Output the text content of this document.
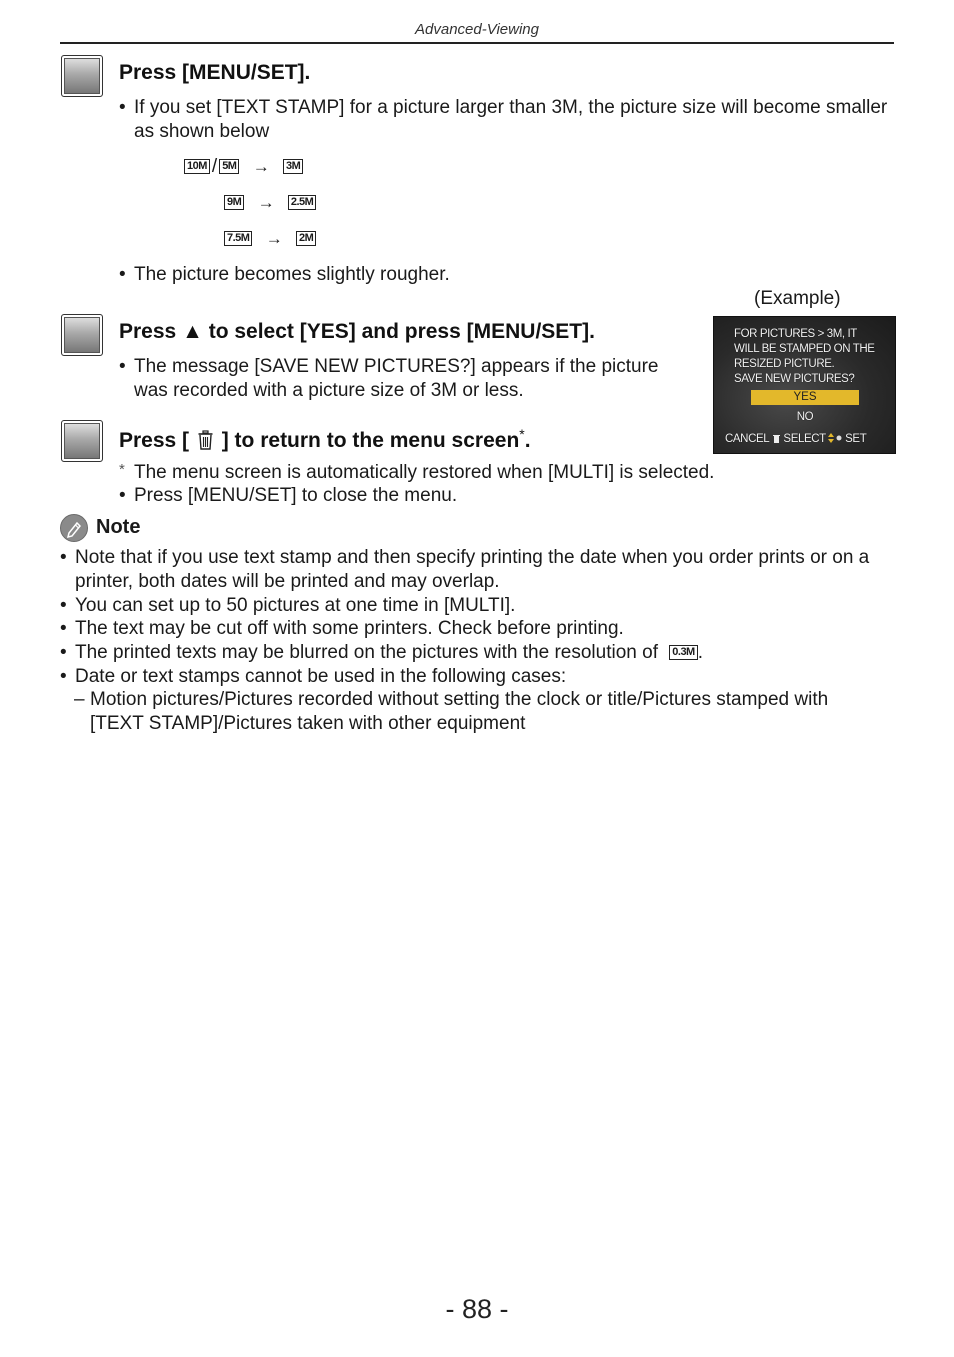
Advanced-Viewing
Press [MENU/SET].
• If you set [TEXT STAMP] for a picture larger than 3M, the picture size will become smaller as shown below
10M / 5M → 3M
9M → 2.5M
7.5M → 2M
• The picture becomes slightly rougher.
(Example)
FOR PICTURES > 3M, IT
WILL BE STAMPED ON THE
RESIZED PICTURE.
SAVE NEW PICTURES?
YES
NO
CANCEL SELECT SET
Press ▲ to select [YES] and press [MENU/SET].
• The message [SAVE NEW PICTURES?] appears if the picture was recorded with a picture size of 3M or less.
Press [ ] to return to the menu screen*.
* The menu screen is automatically restored when [MULTI] is selected.
• Press [MENU/SET] to close the menu.
Note
• Note that if you use text stamp and then specify printing the date when you order prints or on a printer, both dates will be printed and may overlap.
• You can set up to 50 pictures at one time in [MULTI].
• The text may be cut off with some printers. Check before printing.
• The printed texts may be blurred on the pictures with the resolution of 0.3M .
• Date or text stamps cannot be used in the following cases:
– Motion pictures/Pictures recorded without setting the clock or title/Pictures stamped with [TEXT STAMP]/Pictures taken with other equipment
- 88 -
